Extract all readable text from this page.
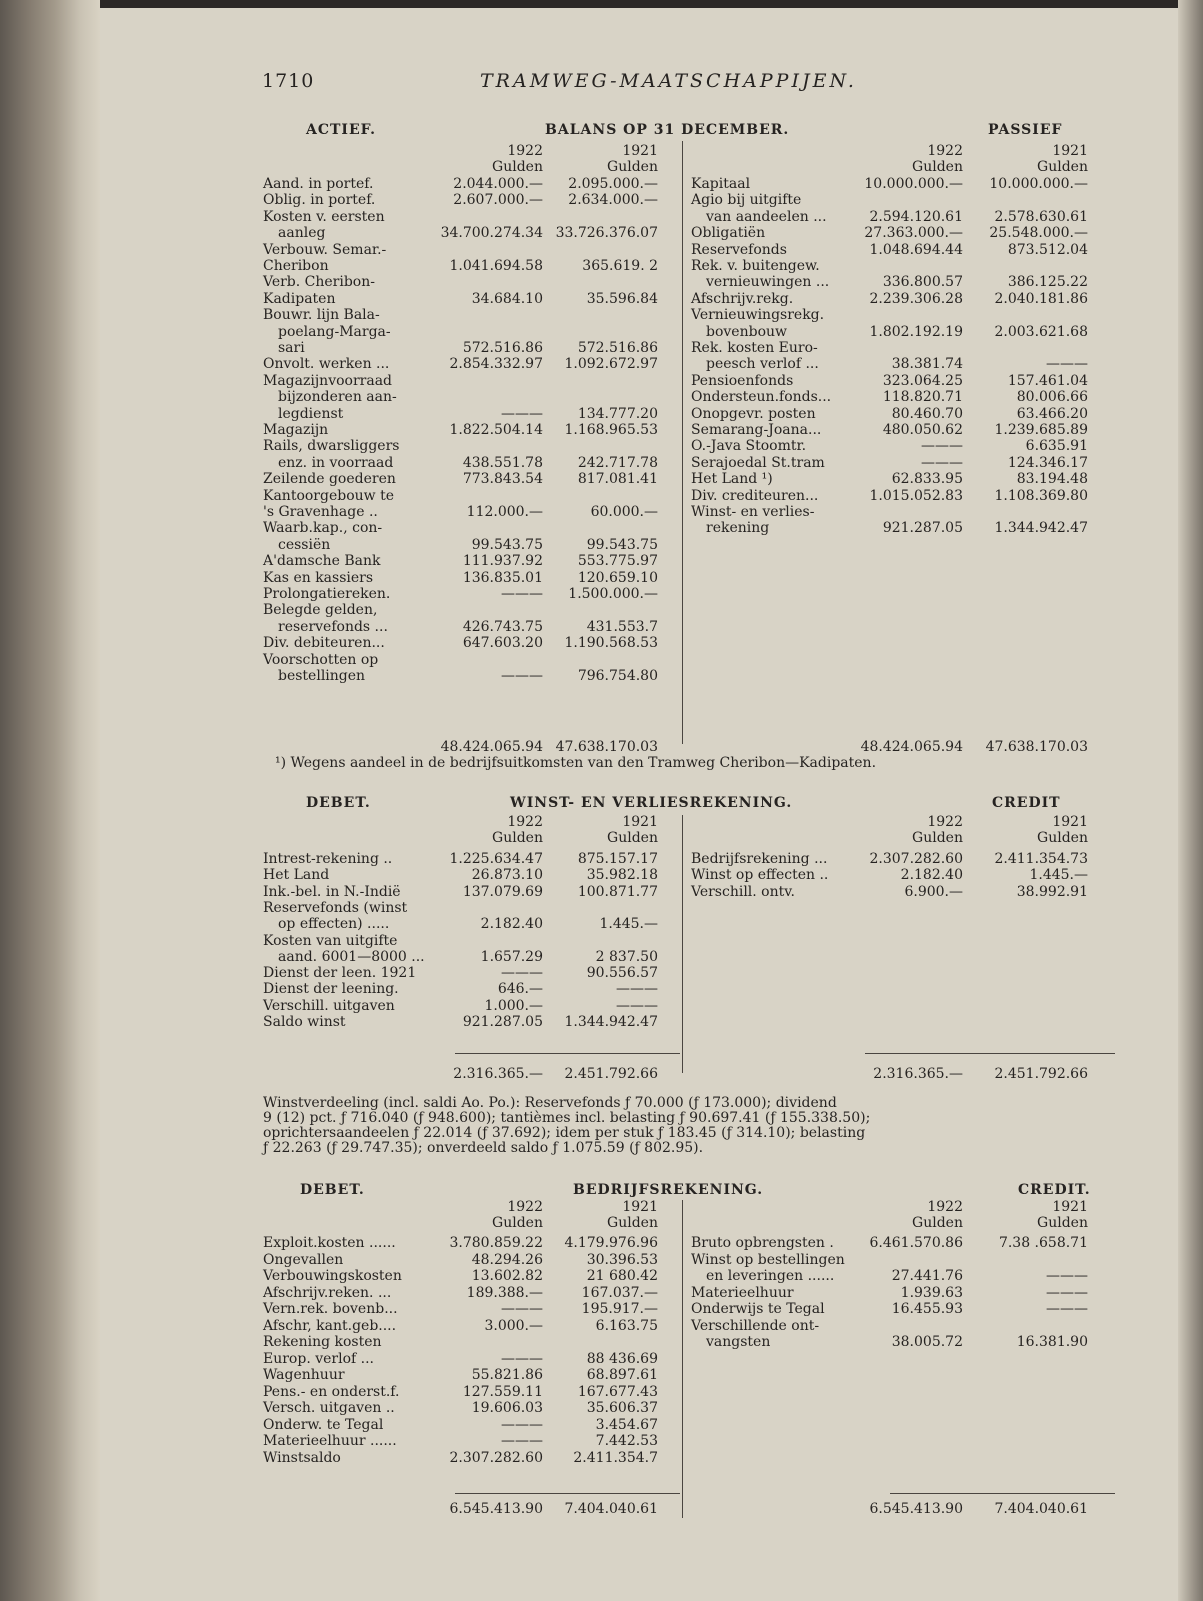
1710	TRAMWEG-MAATSCHAPPIJEN.
ACTIEF.	BALANS OP 31 DECEMBER.	PASSIEF
1922	1921	1922	1921
Gulden	Gulden	Gulden	Gulden
Aand. in portef.	2.044.000.— 2.095.000.—
Oblig. in portef.	2.607.000.— 2.634.000.—
Kosten v. eersten
aanleg	34.700.274.34 33.726.376.07
Verbouw. Semar.-
Cheribon	1.041.694.58	365.619. 2
Verb. Cheribon-
Kadipaten	34.684.10	35.596.84
Bouwr. lijn Bala-
poelang-Marga-
sari	572.516.86 572.516.86
Onvolt. werken ...	2.854.332.97 1.092.672.97
Magazijnvoorraad
bijzonderen aan-
legdienst	——— 134.777.20
Magazijn	1.822.504.14 1.168.965.53
Rails, dwarsliggers
enz. in voorraad	438.551.78 242.717.78
Zeilende goederen	773.843.54 817.081.41
Kantoorgebouw te
's Gravenhage ..	112.000.—	60.000.—
Waarb.kap., con-
cessiën	99.543.75	99.543.75
A'damsche Bank	111.937.92 553.775.97
Kas en kassiers	136.835.01 120.659.10
Prolongatiereken.	——— 1.500.000.—
Belegde gelden,
reservefonds ...	426.743.75	431.553.7
Div. debiteuren...	647.603.20 1.190.568.53
Voorschotten op
bestellingen	——— 796.754.80
Kapitaal	10.000.000.— 10.000.000.—
Agio bij uitgifte
van aandeelen ...	2.594.120.61 2.578.630.61
Obligatiën	27.363.000.— 25.548.000.—
Reservefonds	1.048.694.44	873.512.04
Rek. v. buitengew.
vernieuwingen ...	336.800.57	386.125.22
Afschrijv.rekg.	2.239.306.28 2.040.181.86
Vernieuwingsrekg.
bovenbouw	1.802.192.19 2.003.621.68
Rek. kosten Euro-
peesch verlof ...	38.381.74	———
Pensioenfonds	323.064.25	157.461.04
Ondersteun.fonds...	118.820.71	80.006.66
Onopgevr. posten	80.460.70	63.466.20
Semarang-Joana...	480.050.62 1.239.685.89
O.-Java Stoomtr.	———	6.635.91
Serajoedal St.tram	———	124.346.17
Het Land ¹)	62.833.95	83.194.48
Div. crediteuren...	1.015.052.83 1.108.369.80
Winst- en verlies-
rekening	921.287.05 1.344.942.47
48.424.065.94 47.638.170.03	48.424.065.94 47.638.170.03
¹) Wegens aandeel in de bedrijfsuitkomsten van den Tramweg Cheribon—Kadipaten.
DEBET.	WINST- EN VERLIESREKENING.	CREDIT
1922	1921	1922	1921
Gulden	Gulden	Gulden	Gulden
Intrest-rekening ..	1.225.634.47 875.157.17
Het Land	26.873.10	35.982.18
Ink.-bel. in N.-Indië	137.079.69 100.871.77
Reservefonds (winst
op effecten) .....	2.182.40	1.445.—
Kosten van uitgifte
aand. 6001—8000 ...	1.657.29	2 837.50
Dienst der leen. 1921	———	90.556.57
Dienst der leening.	646.—	———
Verschill. uitgaven	1.000.—	———
Saldo winst	921.287.05 1.344.942.47
Bedrijfsrekening ...	2.307.282.60 2.411.354.73
Winst op effecten ..	2.182.40	1.445.—
Verschill. ontv.	6.900.—	38.992.91
2.316.365.— 2.451.792.66	2.316.365.— 2.451.792.66
Winstverdeeling (incl. saldi Ao. Po.): Reservefonds ƒ 70.000 (ƒ 173.000); dividend
9 (12) pct. ƒ 716.040 (ƒ 948.600); tantièmes incl. belasting ƒ 90.697.41 (ƒ 155.338.50);
oprichtersaandeelen ƒ 22.014 (ƒ 37.692); idem per stuk ƒ 183.45 (ƒ 314.10); belasting
ƒ 22.263 (ƒ 29.747.35); onverdeeld saldo ƒ 1.075.59 (ƒ 802.95).
DEBET.	BEDRIJFSREKENING.	CREDIT.
1922	1921	1922	1921
Gulden	Gulden	Gulden	Gulden
Exploit.kosten ......	3.780.859.22 4.179.976.96
Ongevallen	48.294.26	30.396.53
Verbouwingskosten	13.602.82	21 680.42
Afschrijv.reken. ...	189.388.—	167.037.—
Vern.rek. bovenb...	———	195.917.—
Afschr, kant.geb....	3.000.—	6.163.75
Rekening kosten
Europ. verlof ...	———	88 436.69
Wagenhuur	55.821.86	68.897.61
Pens.- en onderst.f.	127.559.11 167.677.43
Versch. uitgaven ..	19.606.03	35.606.37
Onderw. te Tegal	———	3.454.67
Materieelhuur ......	———	7.442.53
Winstsaldo	2.307.282.60 2.411.354.7
Bruto opbrengsten .	6.461.570.86	7.38 .658.71
Winst op bestellingen
en leveringen ......	27.441.76	———
Materieelhuur	1.939.63	———
Onderwijs te Tegal	16.455.93	———
Verschillende ont-
vangsten	38.005.72	16.381.90
6.545.413.90 7.404.040.61	6.545.413.90 7.404.040.61
